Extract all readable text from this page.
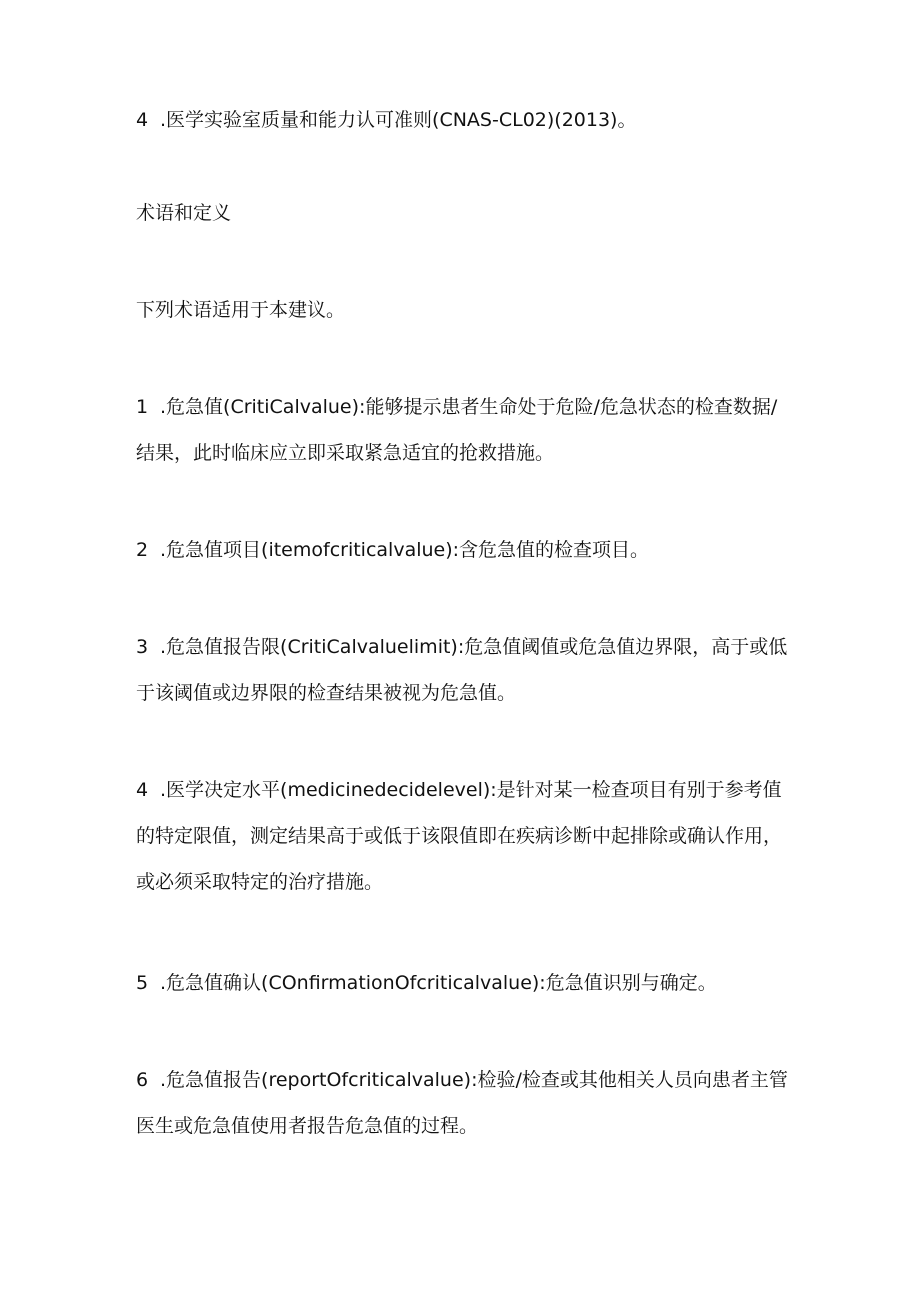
4 .医学实验室质量和能力认可准则(CNAS-CL02)(2013)。

术语和定义

下列术语适用于本建议。

1 .危急值(CritiCalvalue):能够提示患者生命处于危险/危急状态的检查数据/结果，此时临床应立即采取紧急适宜的抢救措施。

2 .危急值项目(itemofcriticalvalue):含危急值的检查项目。

3 .危急值报告限(CritiCalvaluelimit):危急值阈值或危急值边界限，高于或低于该阈值或边界限的检查结果被视为危急值。

4 .医学决定水平(medicinedecidelevel):是针对某一检查项目有别于参考值的特定限值，测定结果高于或低于该限值即在疾病诊断中起排除或确认作用，或必须采取特定的治疗措施。

5 .危急值确认(COnfirmationOfcriticalvalue):危急值识别与确定。

6 .危急值报告(reportOfcriticalvalue):检验/检查或其他相关人员向患者主管医生或危急值使用者报告危急值的过程。
